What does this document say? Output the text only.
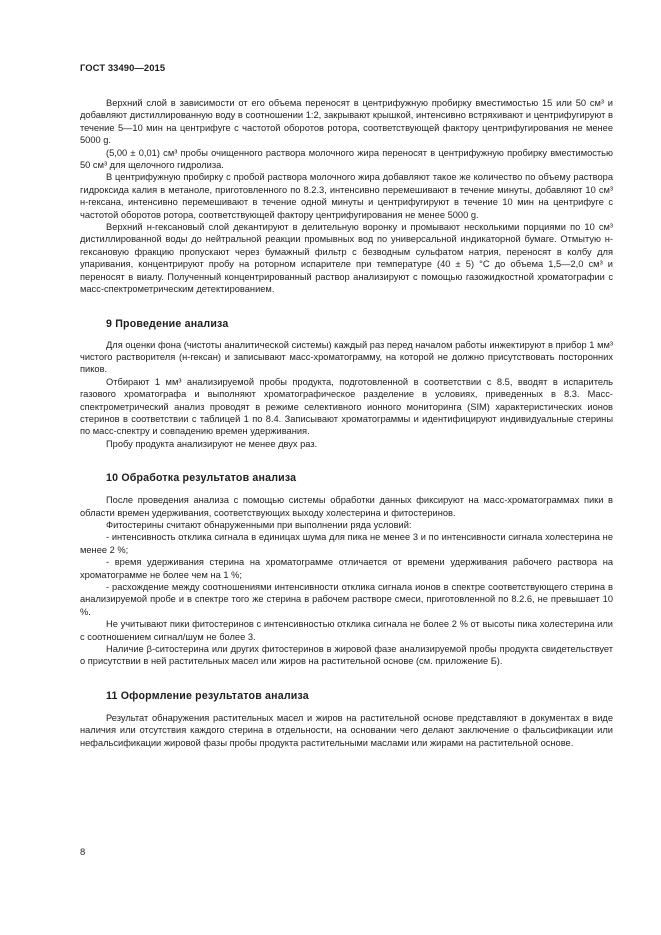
ГОСТ 33490—2015

Верхний слой в зависимости от его объема переносят в центрифужную пробирку вместимостью 15 или 50 см³ и добавляют дистиллированную воду в соотношении 1:2, закрывают крышкой, интенсивно встряхивают и центрифугируют в течение 5—10 мин на центрифуге с частотой оборотов ротора, соответствующей фактору центрифугирования не менее 5000 g.

(5,00 ± 0,01) см³ пробы очищенного раствора молочного жира переносят в центрифужную пробирку вместимостью 50 см³ для щелочного гидролиза.

В центрифужную пробирку с пробой раствора молочного жира добавляют такое же количество по объему раствора гидроксида калия в метаноле, приготовленного по 8.2.3, интенсивно перемешивают в течение минуты, добавляют 10 см³ н-гексана, интенсивно перемешивают в течение одной минуты и центрифугируют в течение 10 мин на центрифуге с частотой оборотов ротора, соответствующей фактору центрифугирования не менее 5000 g.

Верхний н-гексановый слой декантируют в делительную воронку и промывают несколькими порциями по 10 см³ дистиллированной воды до нейтральной реакции промывных вод по универсальной индикаторной бумаге. Отмытую н-гексановую фракцию пропускают через бумажный фильтр с безводным сульфатом натрия, переносят в колбу для упаривания, концентрируют пробу на роторном испарителе при температуре (40 ± 5) °С до объема 1,5—2,0 см³ и переносят в виалу. Полученный концентрированный раствор анализируют с помощью газожидкостной хроматографии с масс-спектрометрическим детектированием.

9 Проведение анализа

Для оценки фона (чистоты аналитической системы) каждый раз перед началом работы инжектируют в прибор 1 мм³ чистого растворителя (н-гексан) и записывают масс-хроматограмму, на которой не должно присутствовать посторонних пиков.

Отбирают 1 мм³ анализируемой пробы продукта, подготовленной в соответствии с 8.5, вводят в испаритель газового хроматографа и выполняют хроматографическое разделение в условиях, приведенных в 8.3. Масс-спектрометрический анализ проводят в режиме селективного ионного мониторинга (SIM) характеристических ионов стеринов в соответствии с таблицей 1 по 8.4. Записывают хроматограммы и идентифицируют индивидуальные стерины по масс-спектру и совпадению времен удерживания.

Пробу продукта анализируют не менее двух раз.

10 Обработка результатов анализа

После проведения анализа с помощью системы обработки данных фиксируют на масс-хроматограммах пики в области времен удерживания, соответствующих выходу холестерина и фитостеринов.

Фитостерины считают обнаруженными при выполнении ряда условий:

- интенсивность отклика сигнала в единицах шума для пика не менее 3 и по интенсивности сигнала холестерина не менее 2 %;

- время удерживания стерина на хроматограмме отличается от времени удерживания рабочего раствора на хроматограмме не более чем на 1 %;

- расхождение между соотношениями интенсивности отклика сигнала ионов в спектре соответствующего стерина в анализируемой пробе и в спектре того же стерина в рабочем растворе смеси, приготовленной по 8.2.6, не превышает 10 %.

Не учитывают пики фитостеринов с интенсивностью отклика сигнала не более 2 % от высоты пика холестерина или с соотношением сигнал/шум не более 3.

Наличие β-ситостерина или других фитостеринов в жировой фазе анализируемой пробы продукта свидетельствует о присутствии в ней растительных масел или жиров на растительной основе (см. приложение Б).

11 Оформление результатов анализа

Результат обнаружения растительных масел и жиров на растительной основе представляют в документах в виде наличия или отсутствия каждого стерина в отдельности, на основании чего делают заключение о фальсификации или нефальсификации жировой фазы пробы продукта растительными маслами или жирами на растительной основе.

8
